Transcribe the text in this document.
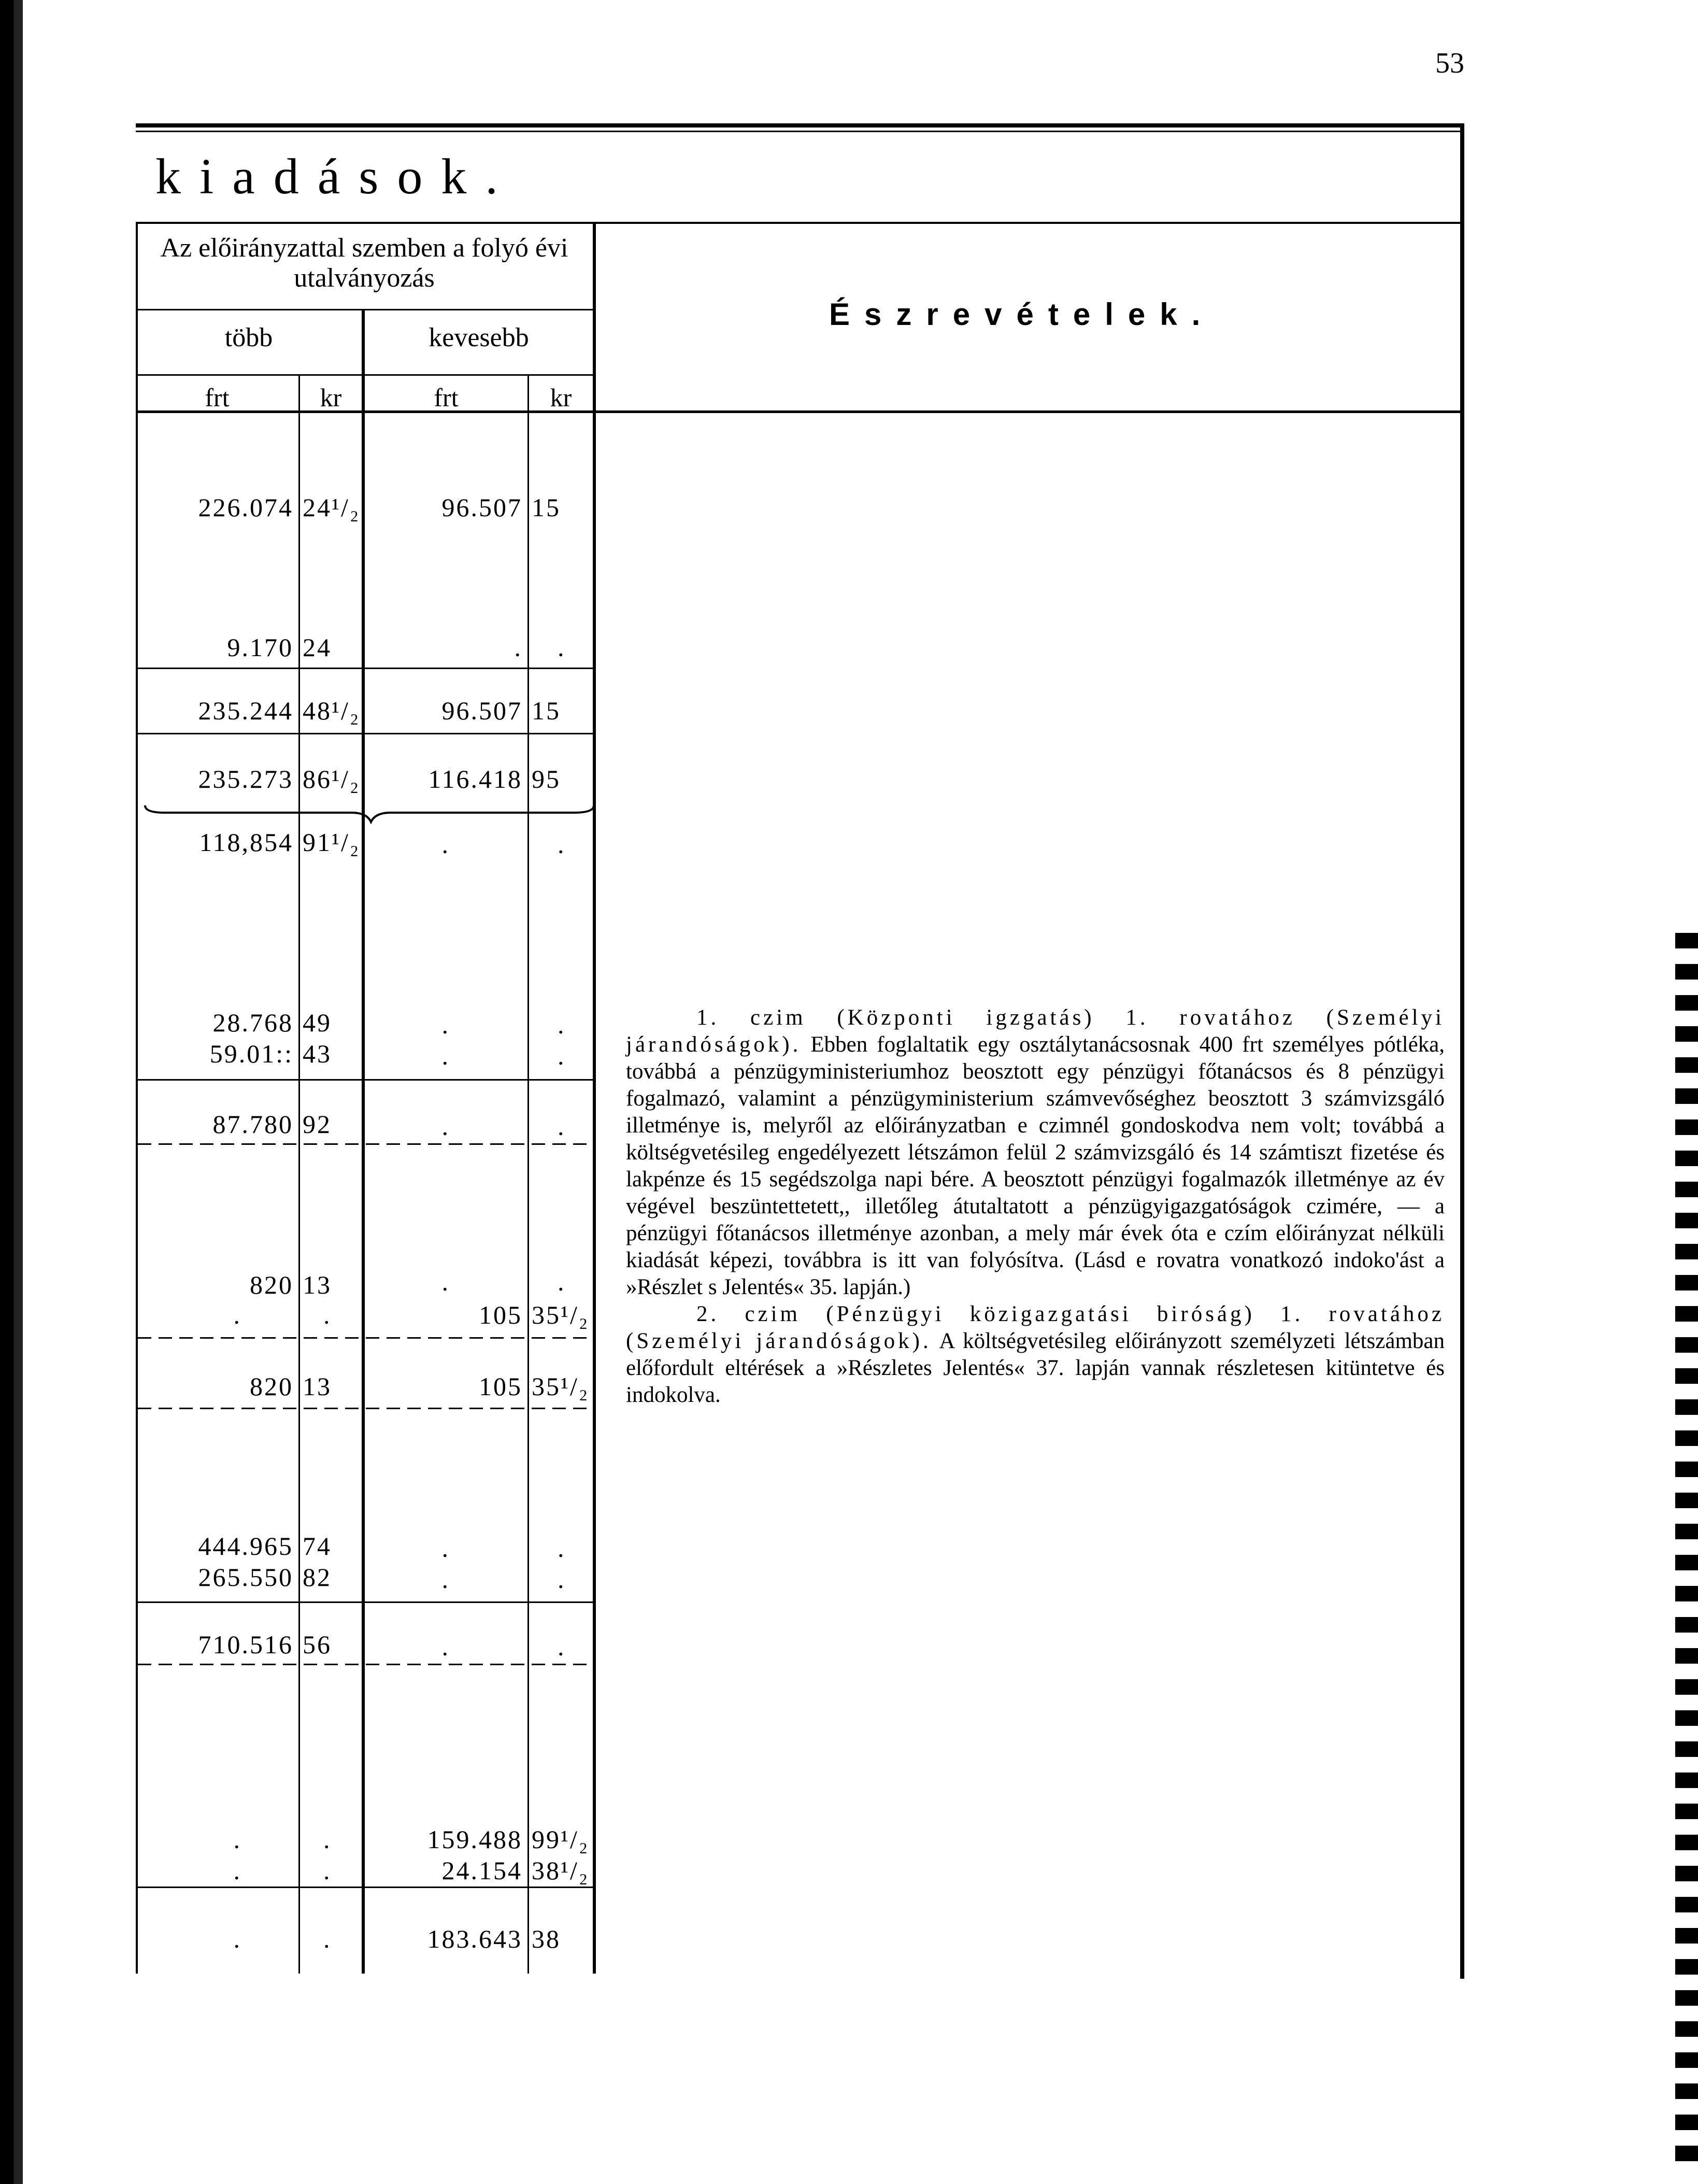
53
kiadások.
Az előirányzattal szemben a folyó évi utalványozás
több	kevesebb
frt	kr	frt	kr
Észrevételek.
226.074 24¹/₂	96.507 15
9.170 24	. .
235.244 48¹/₂	96.507 15
235.273 86¹/₂	116.418 95
118,854 91¹/₂	.	.
28.768 49	.	.
59.01:: 43	.	.
87.780 92	.	.
820 13	.	.
.	.	105 35¹/₂
820 13	105 35¹/₂
444.965 74	.	.
265.550 82	.	.
710.516 56	.	.
.	.	159.488 99¹/₂
.	.	24.154 38¹/₂
.	.	183.643 38

1. czim (Központi igzgatás) 1. rovatához (Személyi járandóságok). Ebben foglaltatik egy osztálytanácsosnak 400 frt személyes pótléka, továbbá a pénzügyministeriumhoz beosztott egy pénzügyi főtanácsos és 8 pénzügyi fogalmazó, valamint a pénzügyministerium számvevőséghez beosztott 3 számvizsgáló illetménye is, melyről az előirányzatban e czimnél gondoskodva nem volt; továbbá a költségvetésileg engedélyezett létszámon felül 2 számvizsgáló és 14 számtiszt fizetése és lakpénze és 15 segédszolga napi bére. A beosztott pénzügyi fogalmazók illetménye az év végével beszüntettetett,, illetőleg átutaltatott a pénzügyigazgatóságok czimére, — a pénzügyi főtanácsos illetménye azonban, a mely már évek óta e czím előirányzat nélküli kiadását képezi, továbbra is itt van folyósítva. (Lásd e rovatra vonatkozó indoko'ást a »Részlet s Jelentés« 35. lapján.)

2. czim (Pénzügyi közigazgatási biróság) 1. rovatához (Személyi járandóságok). A költségvetésileg előirányzott személyzeti létszámban előfordult eltérések a »Részletes Jelentés« 37. lapján vannak részletesen kitüntetve és indokolva.
